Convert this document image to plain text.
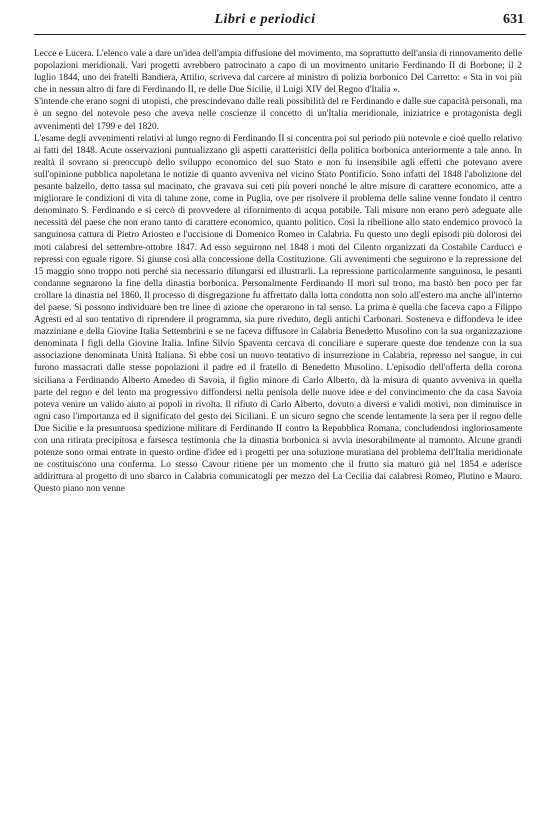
Libri e periodici	631

Lecce e Lucera. L'elenco vale a dare un'idea dell'ampia diffusione del movimento, ma soprattutto dell'ansia di rinnovamento delle popolazioni meridionali. Vari progetti avrebbero patrocinato a capo di un movimento unitario Ferdinando II di Borbone; il 2 luglio 1844, uno dei fratelli Bandiera, Attilio, scriveva dal carcere al ministro di polizia borbonico Del Carretto: « Sta in voi più che in nessun altro di fare di Ferdinando II, re delle Due Sicilie, il Luigi XIV del Regno d'Italia ».

S'intende che erano sogni di utopisti, che prescindevano dalle reali possibilità del re Ferdinando e dalle sue capacità personali, ma è un segno del notevole peso che aveva nelle coscienze il concetto di un'Italia meridionale, iniziatrice e protagonista degli avvenimenti del 1799 e del 1820.

L'esame degli avvenimenti relativi al lungo regno di Ferdinando II si concentra poi sul periodo più notevole e cioè quello relativo ai fatti del 1848. Acute osservazioni puntualizzano gli aspetti caratteristici della politica borbonica anteriormente a tale anno. In realtà il sovrano si preoccupò dello sviluppo economico del suo Stato e non fu insensibile agli effetti che potevano avere sull'opinione pubblica napoletana le notizie di quanto avveniva nel vicino Stato Pontificio. Sono infatti del 1848 l'abolizione del pesante balzello, detto tassa sul macinato, che gravava sui ceti più poveri nonché le altre misure di carattere economico, atte a migliorare le condizioni di vita di talune zone, come in Puglia, ove per risolvere il problema delle saline venne fondato il centro denominato S. Ferdinando e si cercò di provvedere al rifornimento di acqua potabile. Tali misure non erano però adeguate alle necessità del paese che non erano tanto di carattere economico, quanto politico. Così la ribellione allo stato endemico provocò la sanguinosa cattura di Pietro Ariosteo e l'uccisione di Domenico Romeo in Calabria. Fu questo uno degli episodi più dolorosi dei moti calabresi del settembre-ottobre 1847. Ad esso seguirono nel 1848 i moti del Cilento organizzati da Costabile Carducci e repressi con eguale rigore. Si giunse così alla concessione della Costituzione. Gli avvenimenti che seguirono e la repressione del 15 maggio sono troppo noti perché sia necessario dilungarsi ed illustrarli. La repressione particolarmente sanguinosa, le pesanti condanne segnarono la fine della dinastia borbonica. Personalmente Ferdinando II morì sul trono, ma bastò ben poco per far crollare la dinastia nel 1860. Il processo di disgregazione fu affrettato dalla lotta condotta non solo all'estero ma anche all'interno del paese. Si possono individuare ben tre linee di azione che operarono in tal senso. La prima è quella che faceva capo a Filippo Agresti ed al suo tentativo di riprendere il programma, sia pure riveduto, degli antichi Carbonari. Sosteneva e diffondeva le idee mazziniane e della Giovine Italia Settembrini e se ne faceva diffusore in Calabria Benedetto Musolino con la sua organizzazione denominata I figli della Giovine Italia. Infine Silvio Spaventa cercava di conciliare e superare queste due tendenze con la sua associazione denominata Unità Italiana. Si ebbe così un nuovo tentativo di insurrezione in Calabria, represso nel sangue, in cui furono massacrati dalle stesse popolazioni il padre ed il fratello di Benedetto Musolino. L'episodio dell'offerta della corona siciliana a Ferdinando Alberto Amedeo di Savoia, il figlio minore di Carlo Alberto, dà la misura di quanto avveniva in quella parte del regno e del lento ma progressivo diffondersi nella penisola delle nuove idee e del convincimento che da casa Savoia poteva venire un valido aiuto ai popoli in rivolta. Il rifiuto di Carlo Alberto, dovuto a diversi e validi motivi, non diminuisce in ogni caso l'importanza ed il significato del gesto dei Siciliani. E un sicuro segno che scende lentamente la sera per il regno delle Due Sicilie e la presuntuosa spedizione militare di Ferdinando II contro la Repubblica Romana, concludendosi ingloriosamente con una ritirata precipitosa e farsesca testimonia che la dinastia borbonica si avvia inesorabilmente al tramonto. Alcune grandi potenze sono ormai entrate in questo ordine d'idee ed i progetti per una soluzione muratiana del problema dell'Italia meridionale ne costituiscono una conferma. Lo stesso Cavour ritiene per un momento che il frutto sia maturo già nel 1854 e aderisce addirittura al progetto di uno sbarco in Calabria comunicatogli per mezzo del La Cecilia dai calabresi Romeo, Plutino e Mauro. Questo piano non venne
